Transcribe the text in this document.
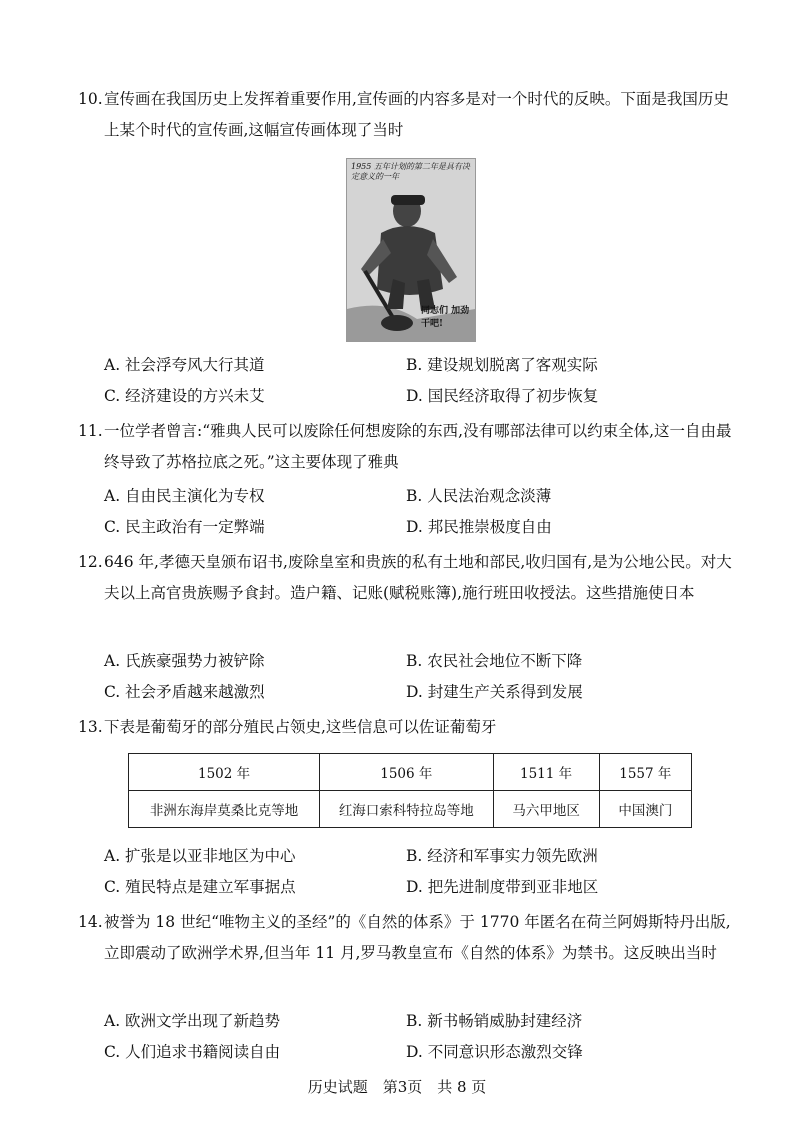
10.宣传画在我国历史上发挥着重要作用,宣传画的内容多是对一个时代的反映。下面是我国历史上某个时代的宣传画,这幅宣传画体现了当时
1955 五年计划的第二年是具有决定意义的一年
同志们 加劲干吧!
A. 社会浮夸风大行其道	B. 建设规划脱离了客观实际
C. 经济建设的方兴未艾	D. 国民经济取得了初步恢复
11.一位学者曾言:“雅典人民可以废除任何想废除的东西,没有哪部法律可以约束全体,这一自由最终导致了苏格拉底之死。”这主要体现了雅典
A. 自由民主演化为专权	B. 人民法治观念淡薄
C. 民主政治有一定弊端	D. 邦民推崇极度自由
12.646 年,孝德天皇颁布诏书,废除皇室和贵族的私有土地和部民,收归国有,是为公地公民。对大夫以上高官贵族赐予食封。造户籍、记账(赋税账簿),施行班田收授法。这些措施使日本
A. 氏族豪强势力被铲除	B. 农民社会地位不断下降
C. 社会矛盾越来越激烈	D. 封建生产关系得到发展
13.下表是葡萄牙的部分殖民占领史,这些信息可以佐证葡萄牙
1502 年	1506 年	1511 年	1557 年
非洲东海岸莫桑比克等地	红海口索科特拉岛等地	马六甲地区	中国澳门
A. 扩张是以亚非地区为中心	B. 经济和军事实力领先欧洲
C. 殖民特点是建立军事据点	D. 把先进制度带到亚非地区
14.被誉为 18 世纪“唯物主义的圣经”的《自然的体系》于 1770 年匿名在荷兰阿姆斯特丹出版,立即震动了欧洲学术界,但当年 11 月,罗马教皇宣布《自然的体系》为禁书。这反映出当时
A. 欧洲文学出现了新趋势	B. 新书畅销威胁封建经济
C. 人们追求书籍阅读自由	D. 不同意识形态激烈交锋
历史试题　第3页　共 8 页
